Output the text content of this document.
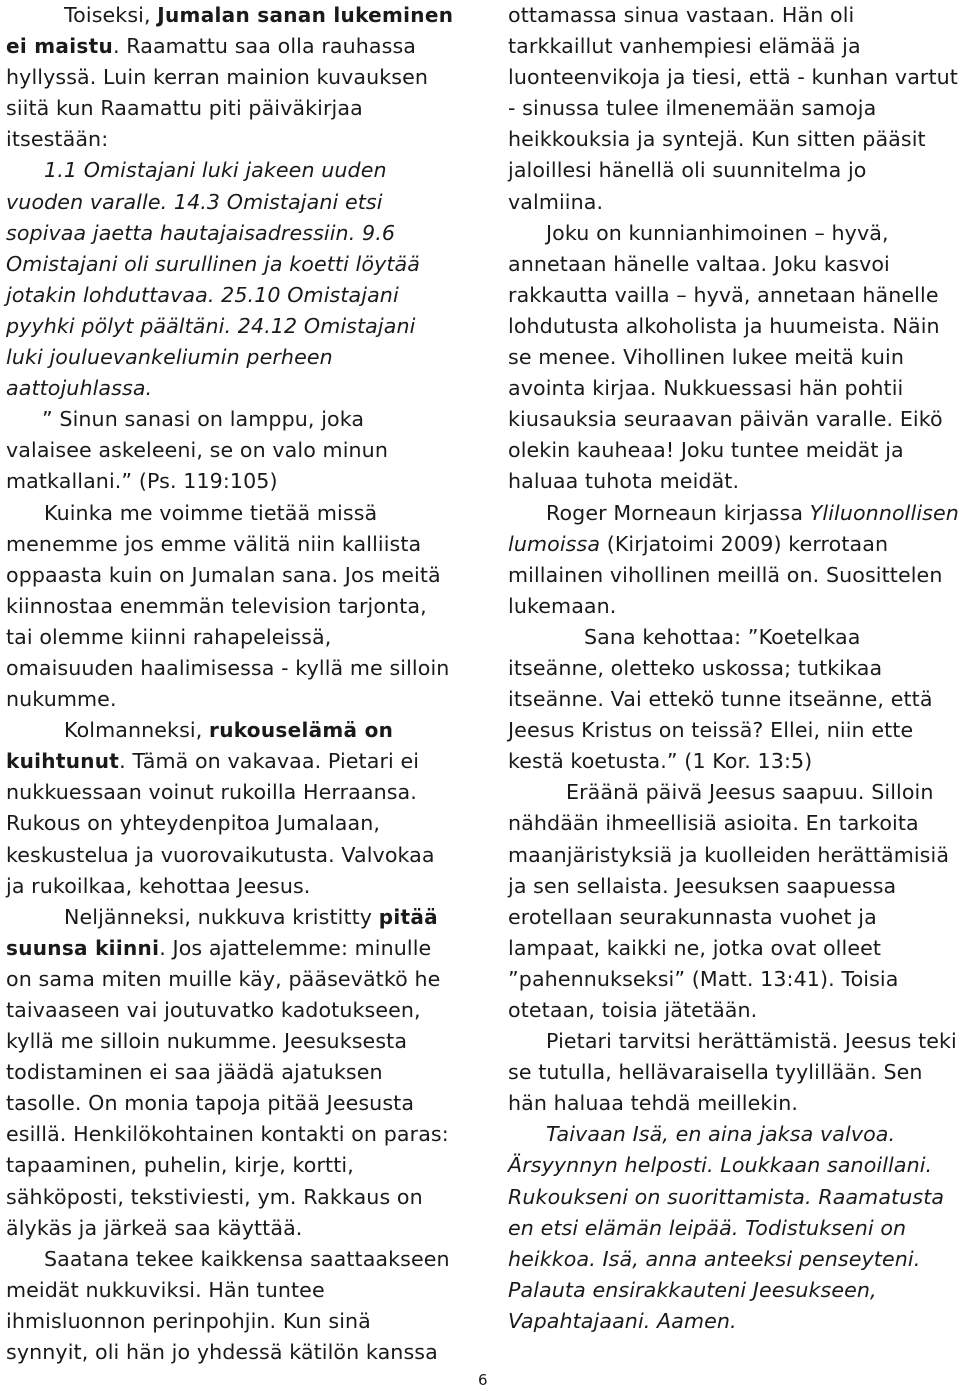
Toiseksi, Jumalan sanan lukeminen ei maistu. Raamattu saa olla rauhassa hyllyssä. Luin kerran mainion kuvauksen siitä kun Raamattu piti päiväkirjaa itsestään:

1.1 Omistajani luki jakeen uuden vuoden varalle. 14.3 Omistajani etsi sopivaa jaetta hautajaisadressiin. 9.6 Omistajani oli surullinen ja koetti löytää jotakin lohduttavaa. 25.10 Omistajani pyyhki pölyt päältäni. 24.12 Omistajani luki jouluevankeliumin perheen aattojuhlassa.

” Sinun sanasi on lamppu, joka valaisee askeleeni, se on valo minun matkallani.” (Ps. 119:105)

Kuinka me voimme tietää missä menemme jos emme välitä niin kalliista oppaasta kuin on Jumalan sana. Jos meitä kiinnostaa enemmän television tarjonta, tai olemme kiinni rahapeleissä, omaisuuden haalimisessa - kyllä me silloin nukumme.

Kolmanneksi, rukouselämä on kuihtunut. Tämä on vakavaa. Pietari ei nukkuessaan voinut rukoilla Herraansa. Rukous on yhteydenpitoa Jumalaan, keskustelua ja vuorovaikutusta. Valvokaa ja rukoilkaa, kehottaa Jeesus.

Neljänneksi, nukkuva kristitty pitää suunsa kiinni. Jos ajattelemme: minulle on sama miten muille käy, pääsevätkö he taivaaseen vai joutuvatko kadotukseen, kyllä me silloin nukumme. Jeesuksesta todistaminen ei saa jäädä ajatuksen tasolle. On monia tapoja pitää Jeesusta esillä. Henkilökohtainen kontakti on paras: tapaaminen, puhelin, kirje, kortti, sähköposti, tekstiviesti, ym. Rakkaus on älykäs ja järkeä saa käyttää.

Saatana tekee kaikkensa saattaakseen meidät nukkuviksi. Hän tuntee ihmisluonnon perinpohjin. Kun sinä synnyit, oli hän jo yhdessä kätilön kanssa

ottamassa sinua vastaan. Hän oli tarkkaillut vanhempiesi elämää ja luonteenvikoja ja tiesi, että - kunhan vartut - sinussa tulee ilmenemään samoja heikkouksia ja syntejä. Kun sitten pääsit jaloillesi hänellä oli suunnitelma jo valmiina.

Joku on kunnianhimoinen – hyvä, annetaan hänelle valtaa. Joku kasvoi rakkautta vailla – hyvä, annetaan hänelle lohdutusta alkoholista ja huumeista. Näin se menee. Vihollinen lukee meitä kuin avointa kirjaa. Nukkuessasi hän pohtii kiusauksia seuraavan päivän varalle. Eikö olekin kauheaa! Joku tuntee meidät ja haluaa tuhota meidät.

Roger Morneaun kirjassa Yliluonnollisen lumoissa (Kirjatoimi 2009) kerrotaan millainen vihollinen meillä on. Suosittelen lukemaan.

Sana kehottaa: ”Koetelkaa itseänne, oletteko uskossa; tutkikaa itseänne. Vai ettekö tunne itseänne, että Jeesus Kristus on teissä? Ellei, niin ette kestä koetusta.” (1 Kor. 13:5)

Eräänä päivä Jeesus saapuu. Silloin nähdään ihmeellisiä asioita. En tarkoita maanjäristyksiä ja kuolleiden herättämisiä ja sen sellaista. Jeesuksen saapuessa erotellaan seurakunnasta vuohet ja lampaat, kaikki ne, jotka ovat olleet ”pahennukseksi” (Matt. 13:41). Toisia otetaan, toisia jätetään.

Pietari tarvitsi herättämistä. Jeesus teki se tutulla, hellävaraisella tyylillään. Sen hän haluaa tehdä meillekin.

Taivaan Isä, en aina jaksa valvoa. Ärsyynnyn helposti. Loukkaan sanoillani. Rukoukseni on suorittamista. Raamatusta en etsi elämän leipää. Todistukseni on heikkoa. Isä, anna anteeksi penseyteni. Palauta ensirakkauteni Jeesukseen, Vapahtajaani. Aamen.

6
